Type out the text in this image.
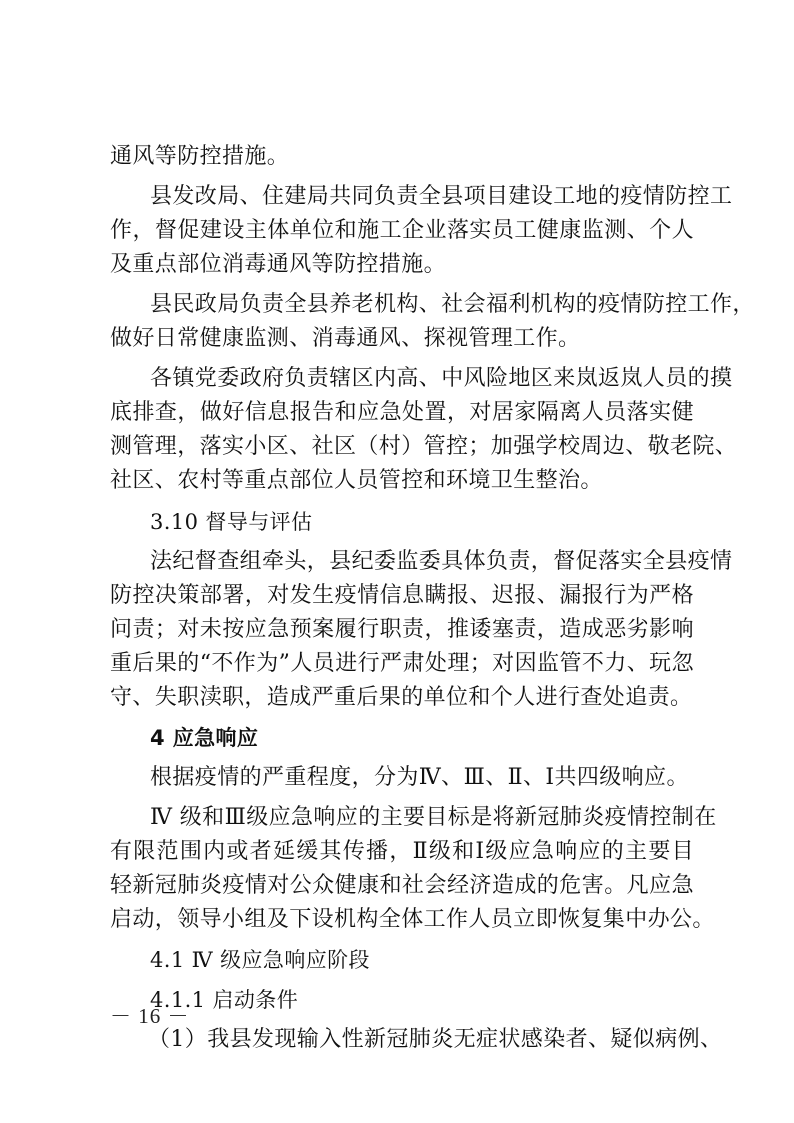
通风等防控措施。
县发改局、住建局共同负责全县项目建设工地的疫情防控工
作，督促建设主体单位和施工企业落实员工健康监测、个人
及重点部位消毒通风等防控措施。
县民政局负责全县养老机构、社会福利机构的疫情防控工作，
做好日常健康监测、消毒通风、探视管理工作。
各镇党委政府负责辖区内高、中风险地区来岚返岚人员的摸
底排查，做好信息报告和应急处置，对居家隔离人员落实健
测管理，落实小区、社区（村）管控；加强学校周边、敬老院、
社区、农村等重点部位人员管控和环境卫生整治。
3.10 督导与评估
法纪督查组牵头，县纪委监委具体负责，督促落实全县疫情
防控决策部署，对发生疫情信息瞒报、迟报、漏报行为严格
问责；对未按应急预案履行职责，推诿塞责，造成恶劣影响
重后果的“不作为”人员进行严肃处理；对因监管不力、玩忽
守、失职渎职，造成严重后果的单位和个人进行查处追责。
4 应急响应
根据疫情的严重程度，分为Ⅳ、Ⅲ、Ⅱ、Ⅰ共四级响应。
Ⅳ 级和Ⅲ级应急响应的主要目标是将新冠肺炎疫情控制在
有限范围内或者延缓其传播，Ⅱ级和Ⅰ级应急响应的主要目
轻新冠肺炎疫情对公众健康和社会经济造成的危害。凡应急
启动，领导小组及下设机构全体工作人员立即恢复集中办公。
4.1 Ⅳ 级应急响应阶段
4.1.1 启动条件
（1）我县发现输入性新冠肺炎无症状感染者、疑似病例、
－ 16 －
